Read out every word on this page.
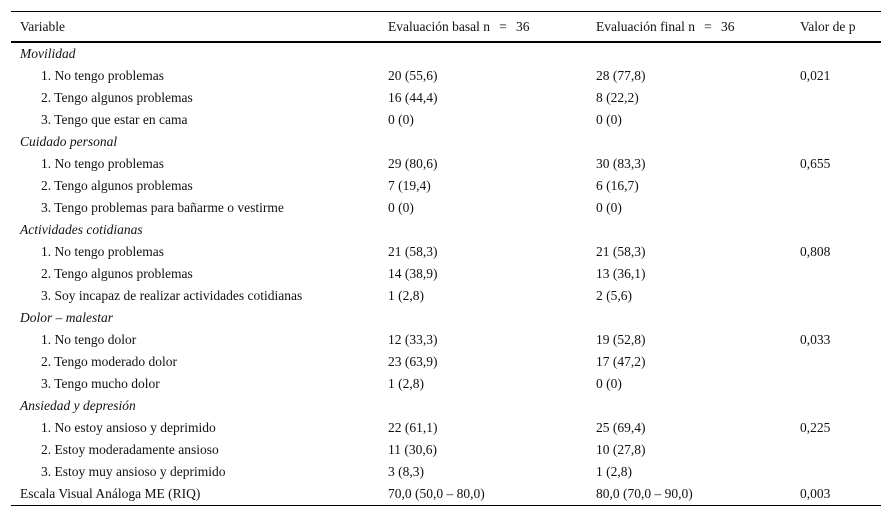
Variable	Evaluación basal n = 36	Evaluación final n = 36	Valor de p
Movilidad			
1. No tengo problemas	20 (55,6)	28 (77,8)	0,021
2. Tengo algunos problemas	16 (44,4)	8 (22,2)	
3. Tengo que estar en cama	0 (0)	0 (0)	
Cuidado personal			
1. No tengo problemas	29 (80,6)	30 (83,3)	0,655
2. Tengo algunos problemas	7 (19,4)	6 (16,7)	
3. Tengo problemas para bañarme o vestirme	0 (0)	0 (0)	
Actividades cotidianas			
1. No tengo problemas	21 (58,3)	21 (58,3)	0,808
2. Tengo algunos problemas	14 (38,9)	13 (36,1)	
3. Soy incapaz de realizar actividades cotidianas	1 (2,8)	2 (5,6)	
Dolor – malestar			
1. No tengo dolor	12 (33,3)	19 (52,8)	0,033
2. Tengo moderado dolor	23 (63,9)	17 (47,2)	
3. Tengo mucho dolor	1 (2,8)	0 (0)	
Ansiedad y depresión			
1. No estoy ansioso y deprimido	22 (61,1)	25 (69,4)	0,225
2. Estoy moderadamente ansioso	11 (30,6)	10 (27,8)	
3. Estoy muy ansioso y deprimido	3 (8,3)	1 (2,8)	
Escala Visual Análoga ME (RIQ)	70,0 (50,0 – 80,0)	80,0 (70,0 – 90,0)	0,003
